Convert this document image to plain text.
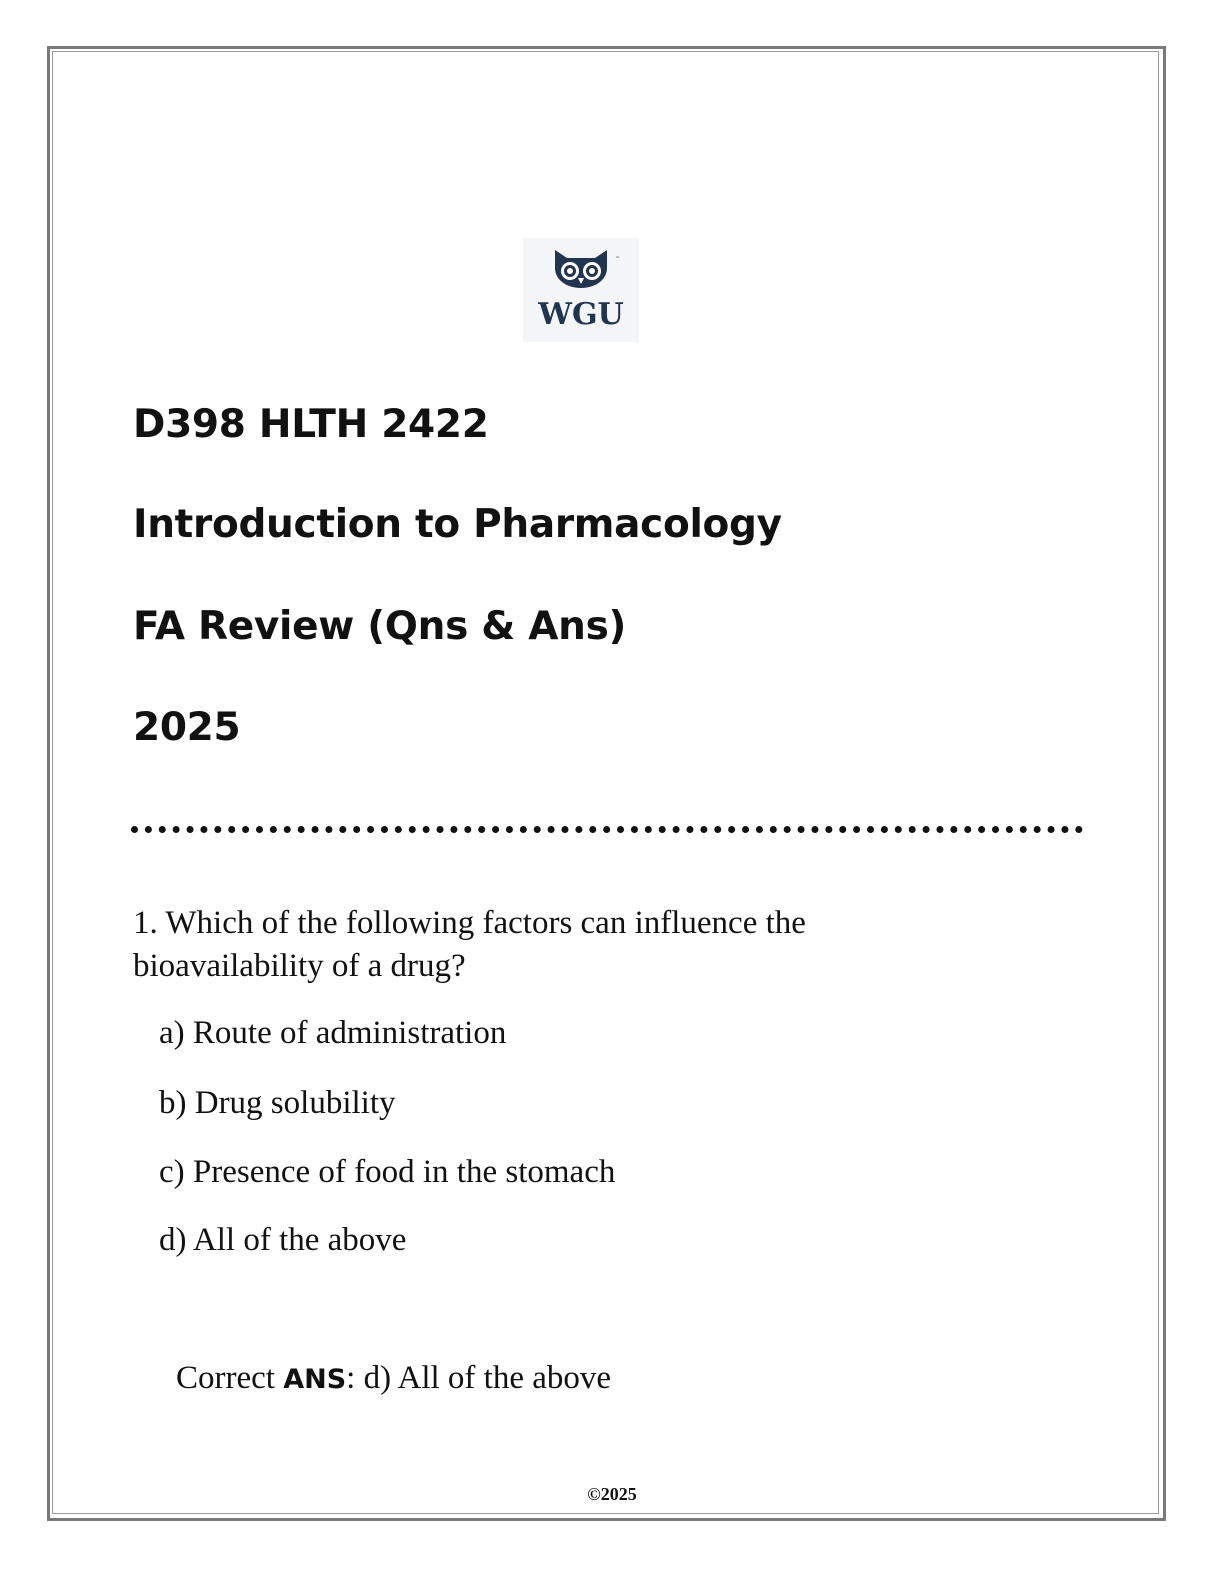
WGU
™
D398 HLTH 2422
Introduction to Pharmacology
FA Review (Qns & Ans)
2025
1. Which of the following factors can influence the
bioavailability of a drug?
a) Route of administration
b) Drug solubility
c) Presence of food in the stomach
d) All of the above
Correct ANS: d) All of the above
©2025
